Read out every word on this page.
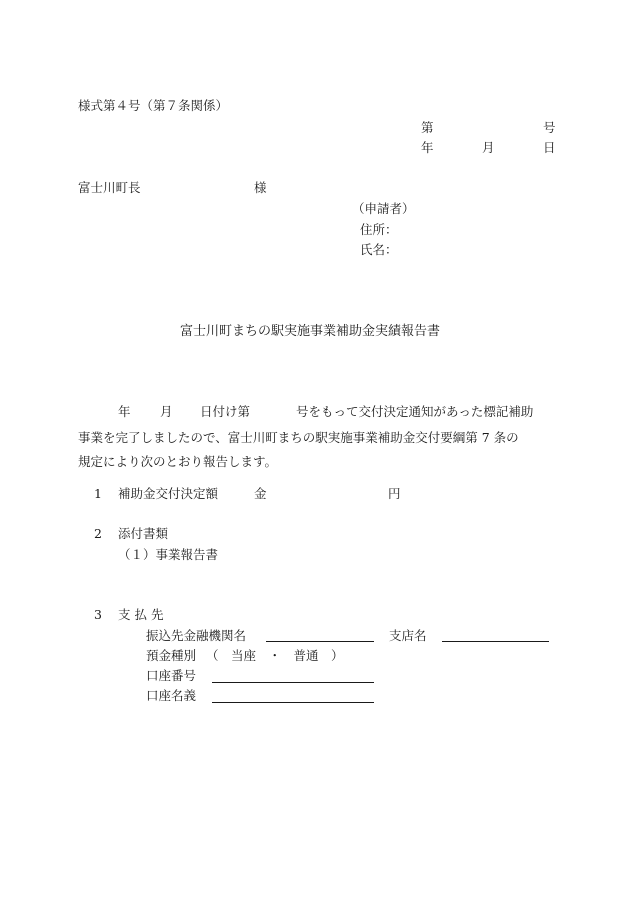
様式第４号（第７条関係）
第	号
年	月	日
富士川町長	様
（申請者）
住所：
氏名：
富士川町まちの駅実施事業補助金実績報告書
年 月 日付け第	号をもって交付決定通知があった標記補助
事業を完了しましたので、富士川町まちの駅実施事業補助金交付要綱第 7 条の
規定により次のとおり報告します。
1 補助金交付決定額	金	円
2 添付書類
（１）事業報告書
3 支 払 先
振込先金融機関名	支店名
預金種別 （　当座　・　普通　）
口座番号
口座名義
